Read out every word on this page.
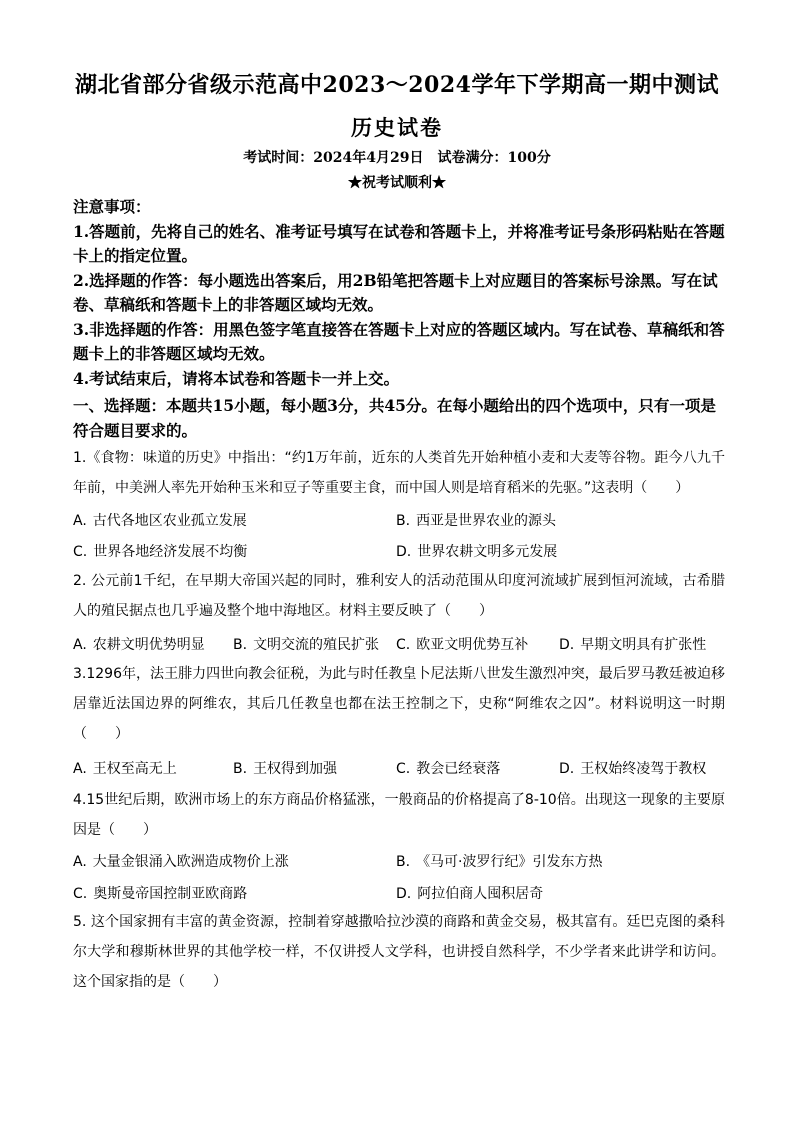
湖北省部分省级示范高中2023～2024学年下学期高一期中测试
历史试卷
考试时间：2024年4月29日　试卷满分：100分
★祝考试顺利★

注意事项：

1.答题前，先将自己的姓名、准考证号填写在试卷和答题卡上，并将准考证号条形码粘贴在答题卡上的指定位置。

2.选择题的作答：每小题选出答案后，用2B铅笔把答题卡上对应题目的答案标号涂黑。写在试卷、草稿纸和答题卡上的非答题区域均无效。

3.非选择题的作答：用黑色签字笔直接答在答题卡上对应的答题区域内。写在试卷、草稿纸和答题卡上的非答题区域均无效。

4.考试结束后，请将本试卷和答题卡一并上交。

一、选择题：本题共15小题，每小题3分，共45分。在每小题给出的四个选项中，只有一项是符合题目要求的。
1.《食物：味道的历史》中指出：“约1万年前，近东的人类首先开始种植小麦和大麦等谷物。距今八九千年前，中美洲人率先开始种玉米和豆子等重要主食，而中国人则是培育稻米的先驱。”这表明（　　）
A. 古代各地区农业孤立发展	B. 西亚是世界农业的源头
C. 世界各地经济发展不均衡	D. 世界农耕文明多元发展
2. 公元前1千纪，在早期大帝国兴起的同时，雅利安人的活动范围从印度河流域扩展到恒河流域，古希腊人的殖民据点也几乎遍及整个地中海地区。材料主要反映了（　　）
A. 农耕文明优势明显 B. 文明交流的殖民扩张 C. 欧亚文明优势互补 D. 早期文明具有扩张性
3.1296年，法王腓力四世向教会征税，为此与时任教皇卜尼法斯八世发生激烈冲突，最后罗马教廷被迫移居靠近法国边界的阿维农，其后几任教皇也都在法王控制之下，史称“阿维农之囚”。材料说明这一时期（　　）
A. 王权至高无上	B. 王权得到加强	C. 教会已经衰落	D. 王权始终凌驾于教权
4.15世纪后期，欧洲市场上的东方商品价格猛涨，一般商品的价格提高了8-10倍。出现这一现象的主要原因是（　　）
A. 大量金银涌入欧洲造成物价上涨	B. 《马可·波罗行纪》引发东方热
C. 奥斯曼帝国控制亚欧商路	D. 阿拉伯商人囤积居奇
5. 这个国家拥有丰富的黄金资源，控制着穿越撒哈拉沙漠的商路和黄金交易，极其富有。廷巴克图的桑科尔大学和穆斯林世界的其他学校一样，不仅讲授人文学科，也讲授自然科学，不少学者来此讲学和访问。这个国家指的是（　　）
